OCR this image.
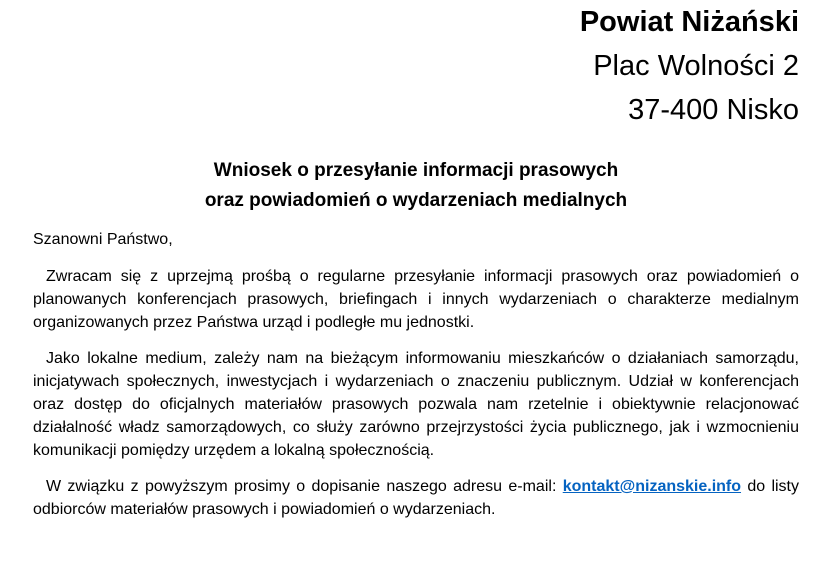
Powiat Niżański
Plac Wolności 2
37-400 Nisko
Wniosek o przesyłanie informacji prasowych
oraz powiadomień o wydarzeniach medialnych

Szanowni Państwo,

Zwracam się z uprzejmą prośbą o regularne przesyłanie informacji prasowych oraz powiadomień o planowanych konferencjach prasowych, briefingach i innych wydarzeniach o charakterze medialnym organizowanych przez Państwa urząd i podległe mu jednostki.

Jako lokalne medium, zależy nam na bieżącym informowaniu mieszkańców o działaniach samorządu, inicjatywach społecznych, inwestycjach i wydarzeniach o znaczeniu publicznym. Udział w konferencjach oraz dostęp do oficjalnych materiałów prasowych pozwala nam rzetelnie i obiektywnie relacjonować działalność władz samorządowych, co służy zarówno przejrzystości życia publicznego, jak i wzmocnieniu komunikacji pomiędzy urzędem a lokalną społecznością.

W związku z powyższym prosimy o dopisanie naszego adresu e-mail: kontakt@nizanskie.info do listy odbiorców materiałów prasowych i powiadomień o wydarzeniach.
